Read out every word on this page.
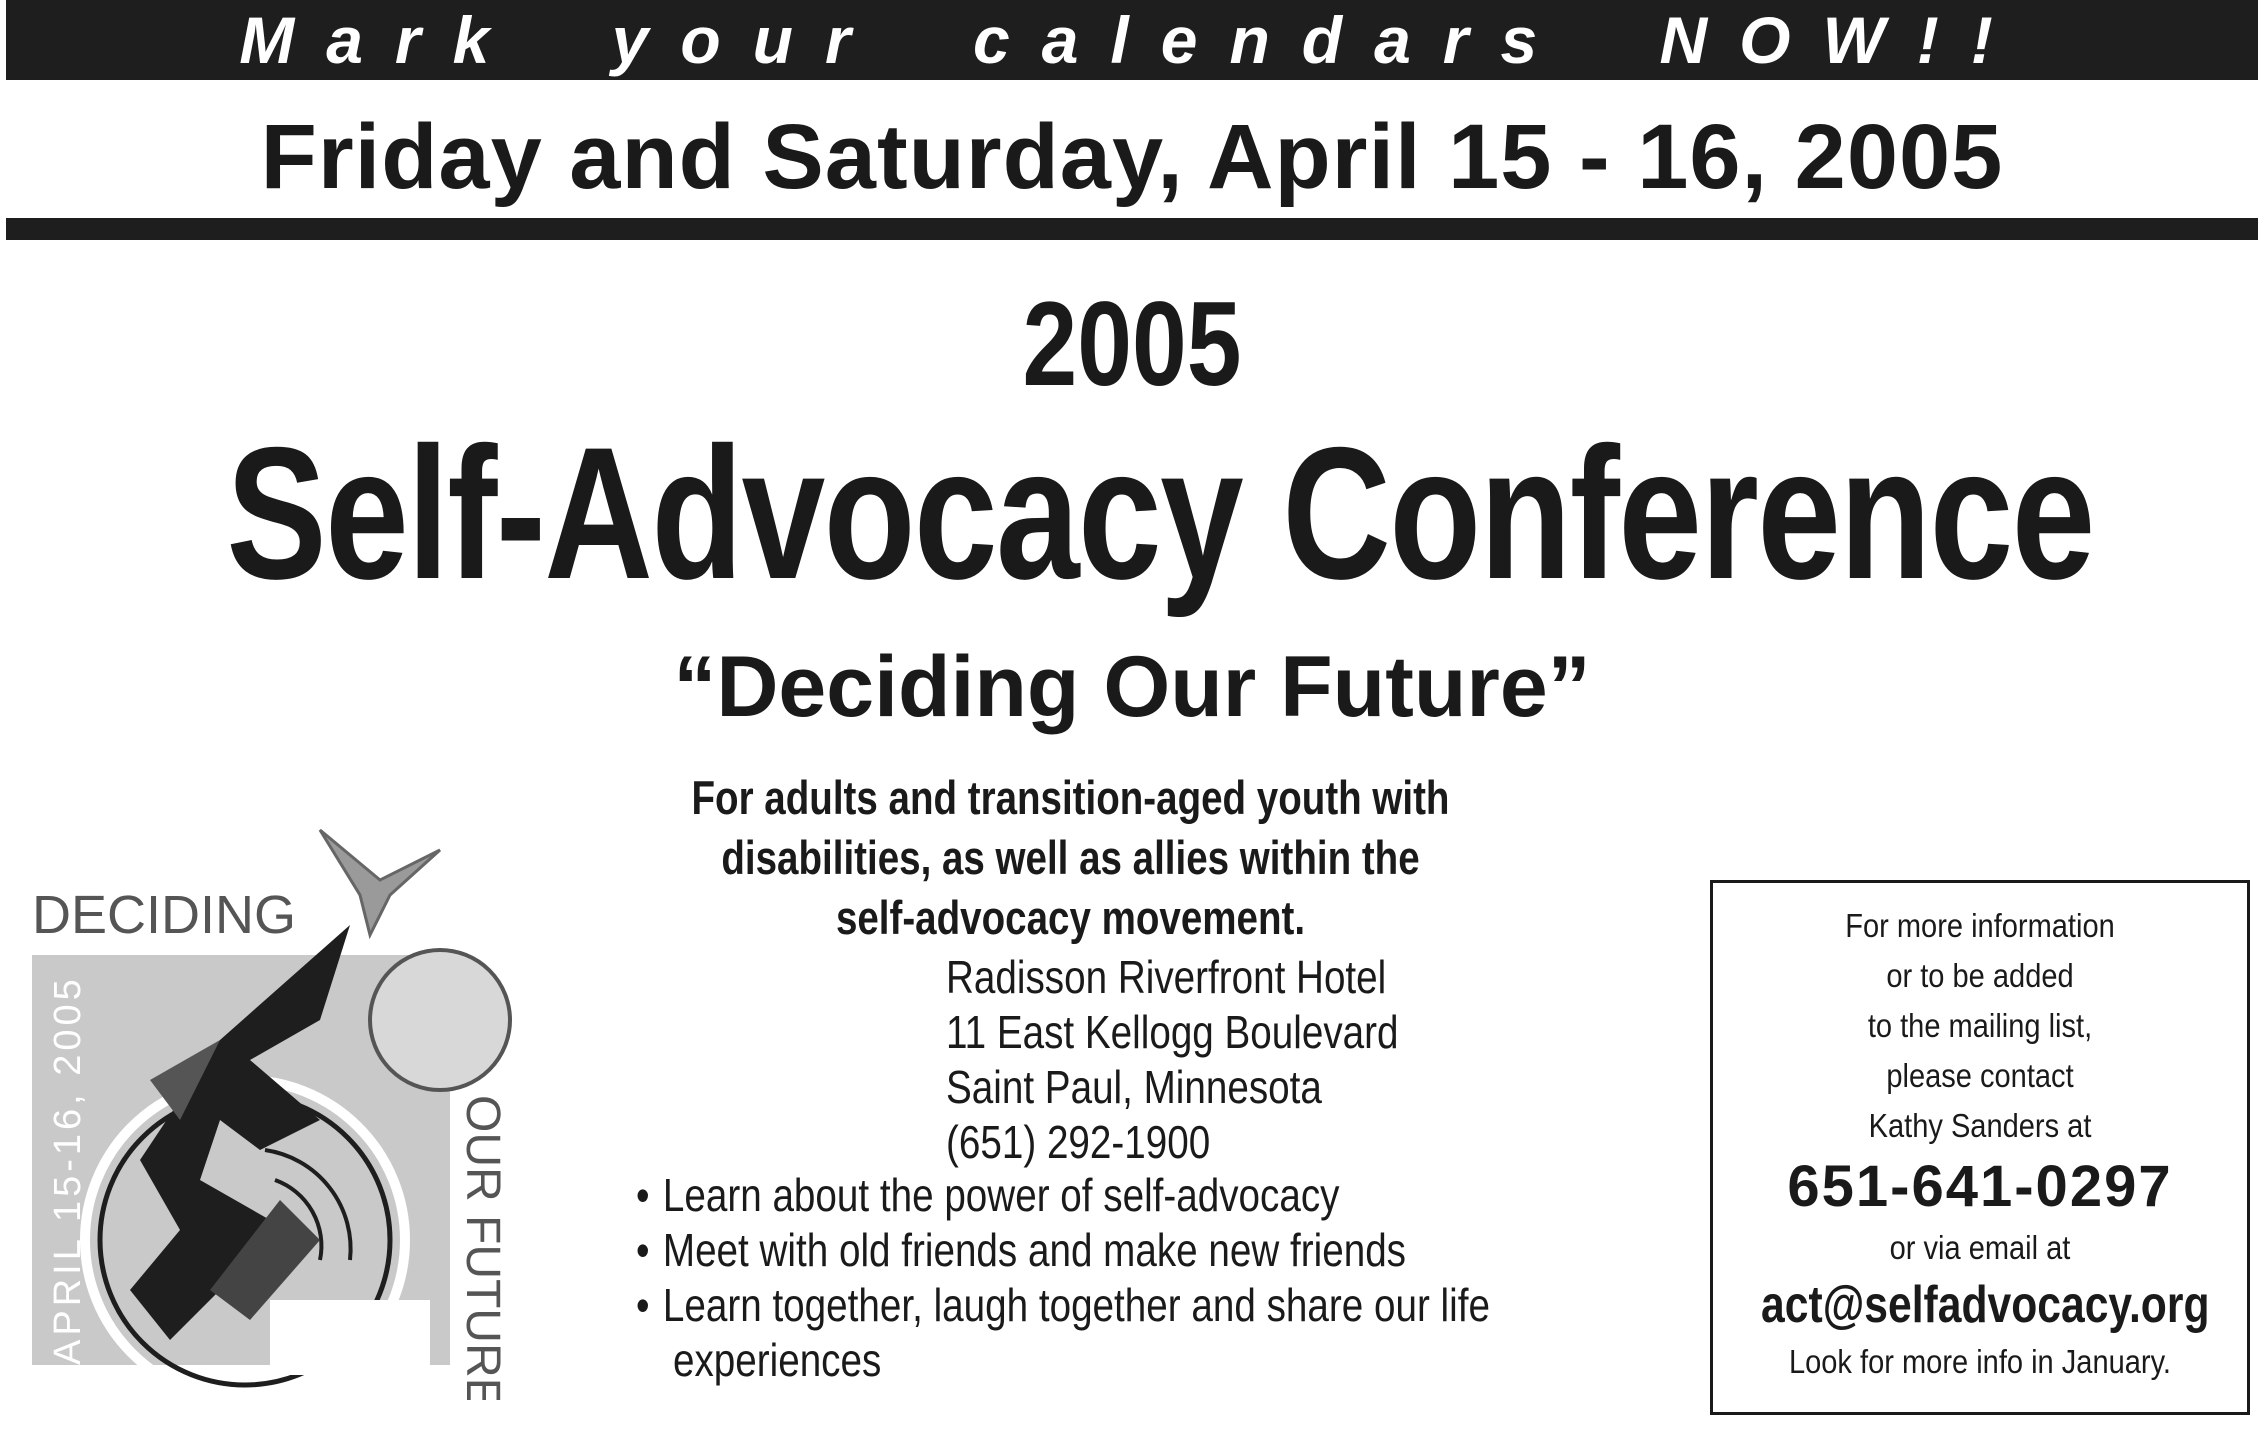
Mark your calendars NOW!!
Friday and Saturday, April 15 - 16, 2005
2005
Self-Advocacy Conference
“Deciding Our Future”
For adults and transition-aged youth with
disabilities, as well as allies within the
self-advocacy movement.
Radisson Riverfront Hotel
11 East Kellogg Boulevard
Saint Paul, Minnesota
(651) 292-1900
• Learn about the power of self-advocacy
• Meet with old friends and make new friends
• Learn together, laugh together and share our life
experiences
For more information
or to be added
to the mailing list,
please contact
Kathy Sanders at
651-641-0297
or via email at
act@selfadvocacy.org
Look for more info in January.
DECIDING
APRIL 15-16, 2005	OUR FUTURE
